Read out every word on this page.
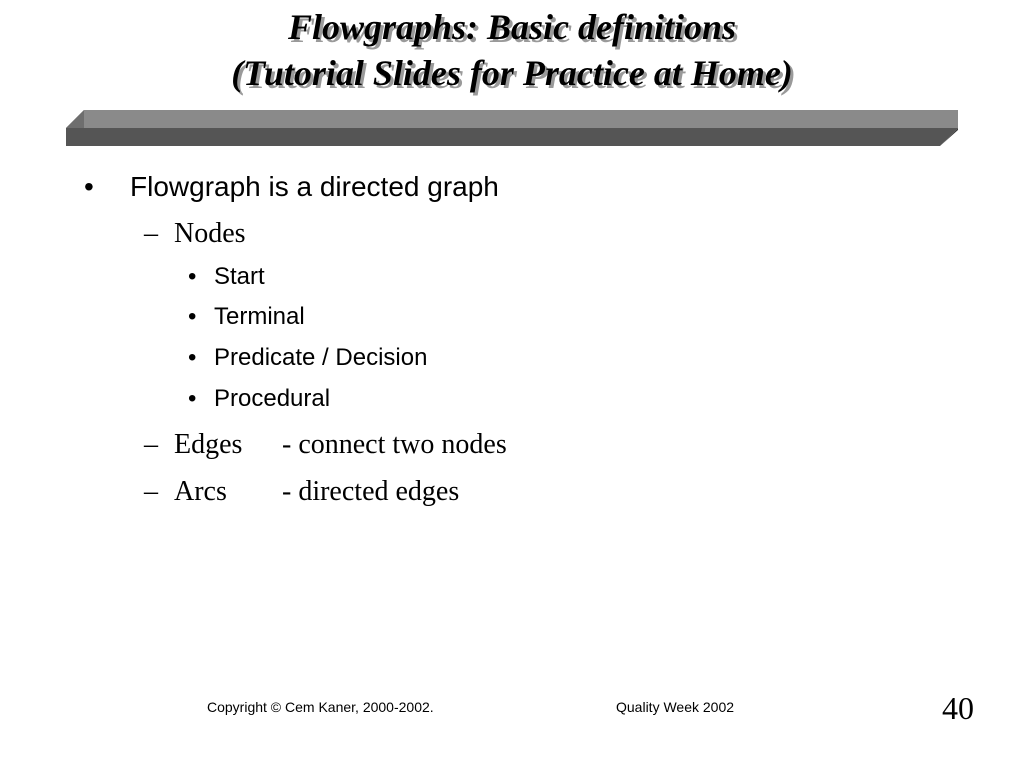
Flowgraphs: Basic definitions
(Tutorial Slides for Practice at Home)
• Flowgraph is a directed graph
– Nodes
• Start
• Terminal
• Predicate / Decision
• Procedural
– Edges - connect two nodes
– Arcs - directed edges
Copyright © Cem Kaner, 2000-2002.	Quality Week 2002	40
